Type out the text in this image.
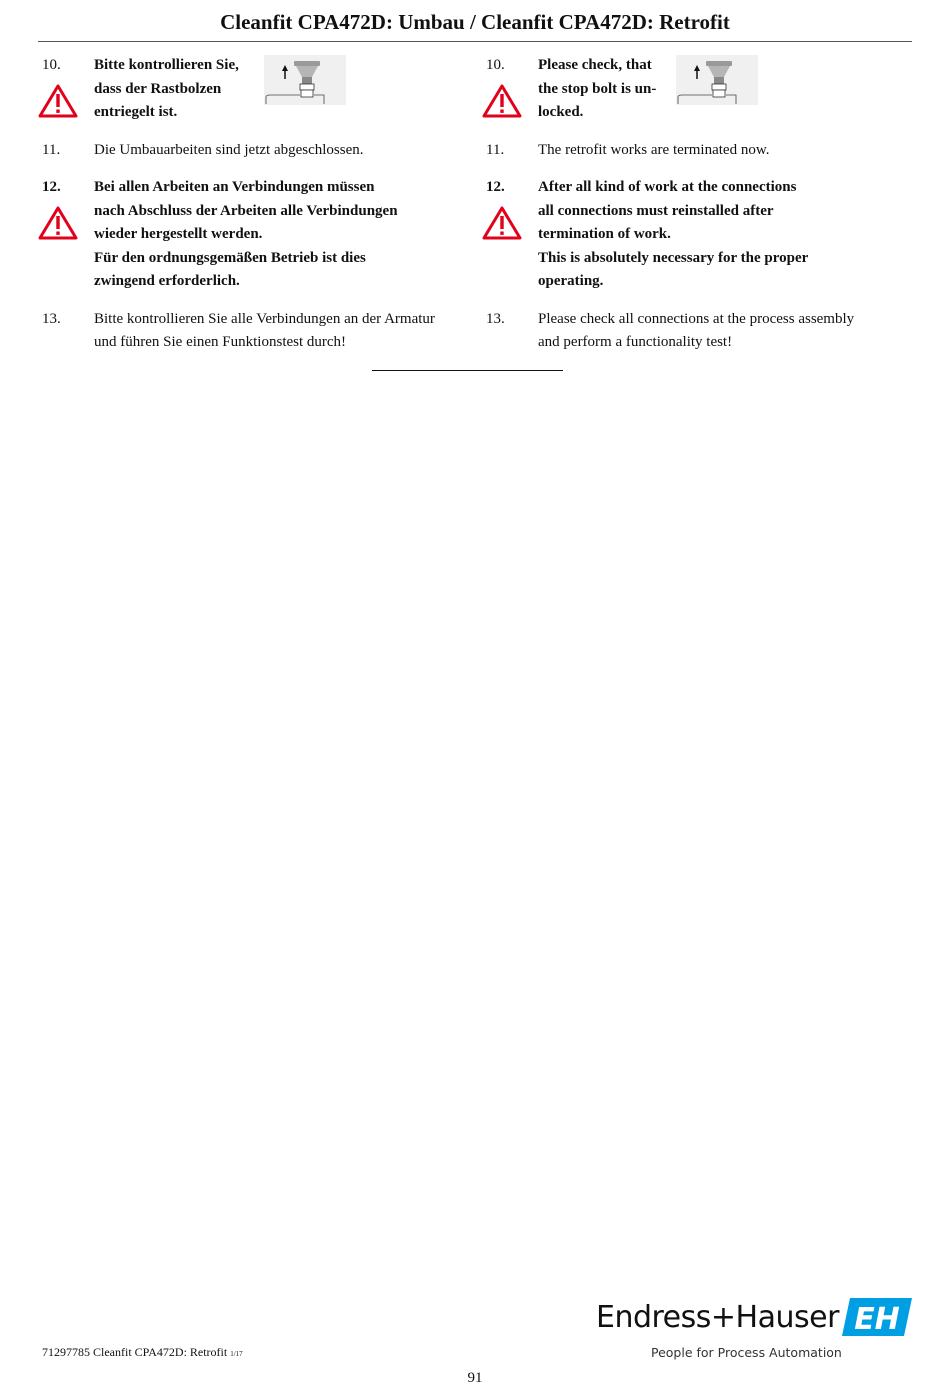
Cleanfit CPA472D: Umbau / Cleanfit CPA472D: Retrofit
10.	Bitte kontrollieren Sie,
dass der Rastbolzen
entriegelt ist.
11.	Die Umbauarbeiten sind jetzt abgeschlossen.
12.	Bei allen Arbeiten an Verbindungen müssen
nach Abschluss der Arbeiten alle Verbindungen
wieder hergestellt werden.
Für den ordnungsgemäßen Betrieb ist dies
zwingend erforderlich.
13.	Bitte kontrollieren Sie alle Verbindungen an der Armatur
und führen Sie einen Funktionstest durch!
10.	Please check, that
the stop bolt is un-
locked.
11.	The retrofit works are terminated now.
12.	After all kind of work at the connections
all connections must reinstalled after
termination of work.
This is absolutely necessary for the proper
operating.
13.	Please check all connections at the process assembly
and perform a functionality test!
71297785 Cleanfit CPA472D: Retrofit 1/17
Endress+Hauser EH
People for Process Automation
91
